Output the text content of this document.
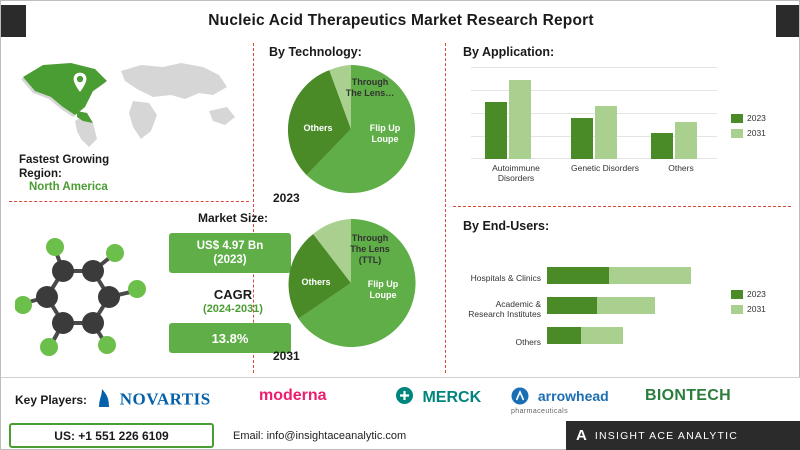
Nucleic Acid Therapeutics Market Research Report
Fastest Growing
Region:
North America
Market Size:
US$ 4.97 Bn
(2023)
CAGR
(2024-2031)
13.8%
By Technology:
Through
The Lens…
Flip Up
Loupe
Others
2023
Through
The Lens
(TTL)
Flip Up
Loupe
Others
2031
By Application:
Autoimmune
Disorders
Genetic Disorders	Others
2023
2031
By End-Users:
Hospitals & Clinics
Academic &
Research Institutes
Others
2023
2031
Key Players:	NOVARTIS	moderna	MERCK	arrowhead
pharmaceuticals
BIONTECH
US: +1 551 226 6109	Email: info@insightaceanalytic.com	A INSIGHT ACE ANALYTIC
